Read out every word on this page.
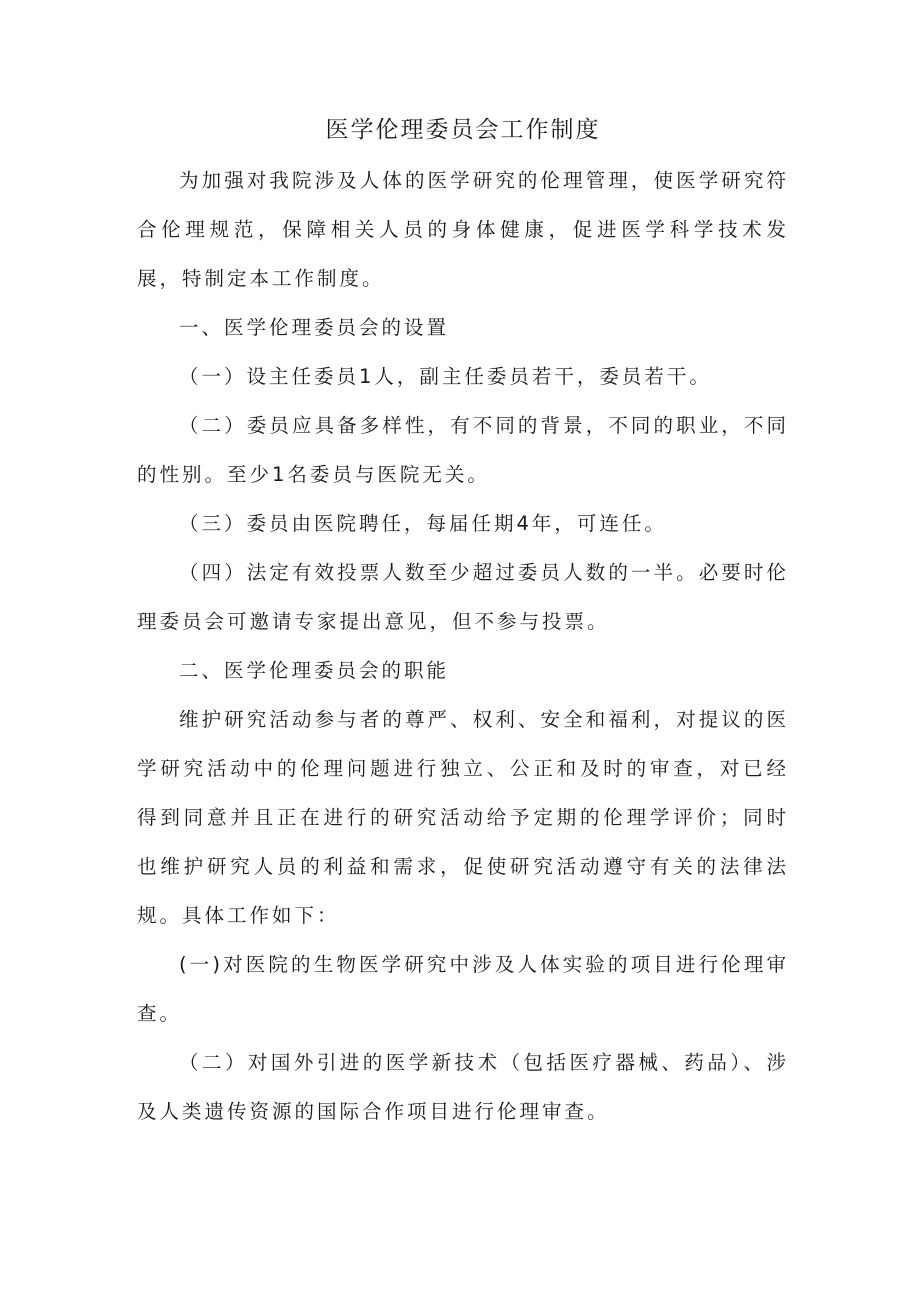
医学伦理委员会工作制度

为加强对我院涉及人体的医学研究的伦理管理，使医学研究符合伦理规范，保障相关人员的身体健康，促进医学科学技术发展，特制定本工作制度。

一、医学伦理委员会的设置

（一）设主任委员1人，副主任委员若干，委员若干。

（二）委员应具备多样性，有不同的背景，不同的职业，不同的性别。至少1名委员与医院无关。

（三）委员由医院聘任，每届任期4年，可连任。

（四）法定有效投票人数至少超过委员人数的一半。必要时伦理委员会可邀请专家提出意见，但不参与投票。

二、医学伦理委员会的职能

维护研究活动参与者的尊严、权利、安全和福利，对提议的医学研究活动中的伦理问题进行独立、公正和及时的审查，对已经得到同意并且正在进行的研究活动给予定期的伦理学评价；同时也维护研究人员的利益和需求，促使研究活动遵守有关的法律法规。具体工作如下：

(一)对医院的生物医学研究中涉及人体实验的项目进行伦理审查。

（二）对国外引进的医学新技术（包括医疗器械、药品）、涉及人类遗传资源的国际合作项目进行伦理审查。
